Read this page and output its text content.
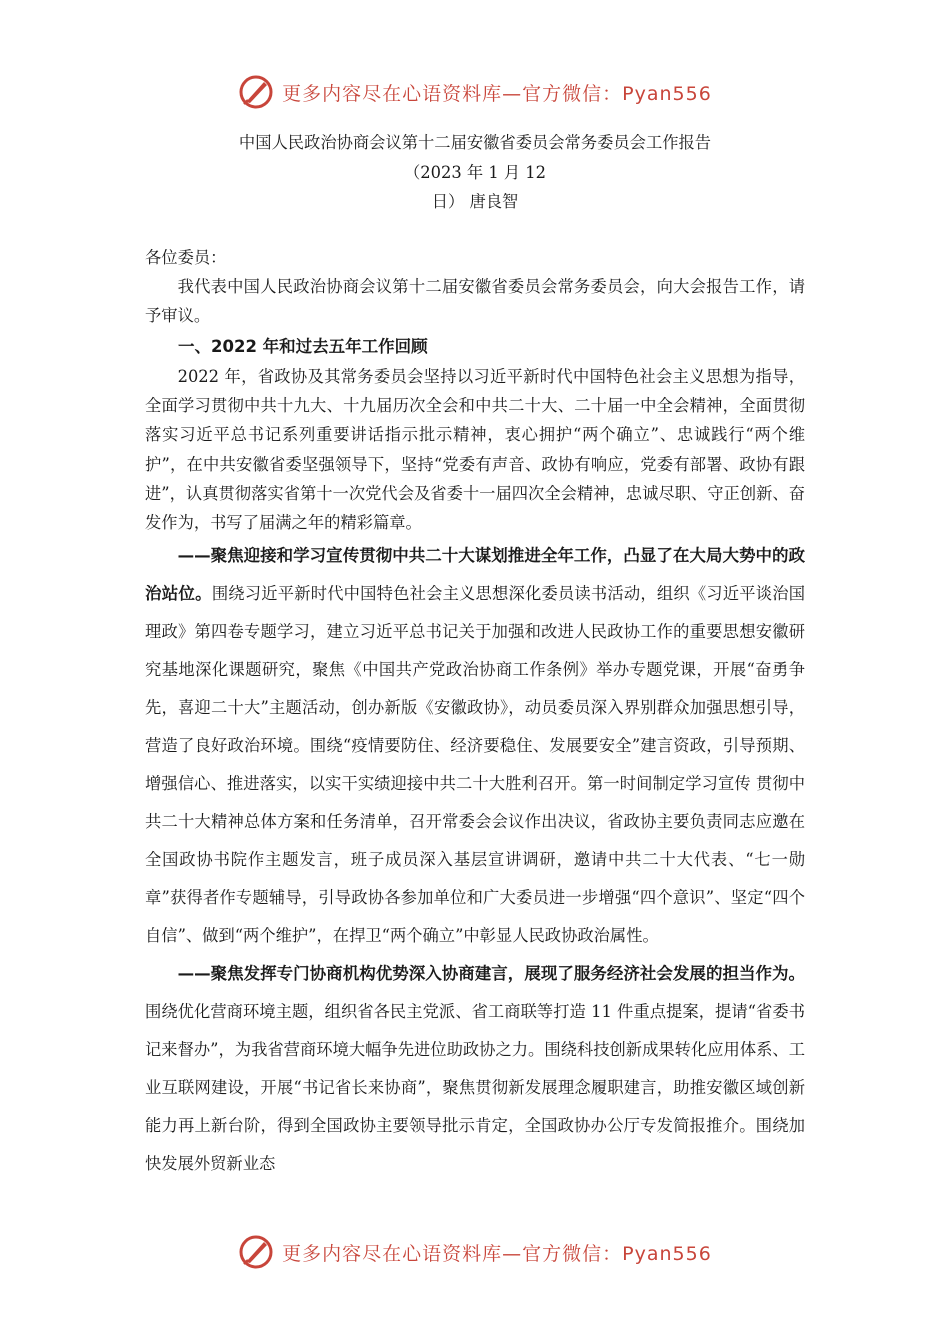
更多内容尽在心语资料库—官方微信：Pyan556

中国人民政治协商会议第十二届安徽省委员会常务委员会工作报告

（2023 年 1 月 12

日） 唐良智

各位委员：

我代表中国人民政治协商会议第十二届安徽省委员会常务委员会，向大会报告工作，请予审议。

一、2022 年和过去五年工作回顾

2022 年，省政协及其常务委员会坚持以习近平新时代中国特色社会主义思想为指导，全面学习贯彻中共十九大、十九届历次全会和中共二十大、二十届一中全会精神，全面贯彻落实习近平总书记系列重要讲话指示批示精神，衷心拥护“两个确立”、忠诚践行“两个维护”，在中共安徽省委坚强领导下，坚持“党委有声音、政协有响应，党委有部署、政协有跟进”，认真贯彻落实省第十一次党代会及省委十一届四次全会精神，忠诚尽职、守正创新、奋发作为，书写了届满之年的精彩篇章。

——聚焦迎接和学习宣传贯彻中共二十大谋划推进全年工作，凸显了在大局大势中的政治站位。围绕习近平新时代中国特色社会主义思想深化委员读书活动，组织《习近平谈治国理政》第四卷专题学习，建立习近平总书记关于加强和改进人民政协工作的重要思想安徽研究基地深化课题研究，聚焦《中国共产党政治协商工作条例》举办专题党课，开展“奋勇争先，喜迎二十大”主题活动，创办新版《安徽政协》，动员委员深入界别群众加强思想引导，营造了良好政治环境。围绕“疫情要防住、经济要稳住、发展要安全”建言资政，引导预期、增强信心、推进落实，以实干实绩迎接中共二十大胜利召开。第一时间制定学习宣传 贯彻中共二十大精神总体方案和任务清单，召开常委会会议作出决议，省政协主要负责同志应邀在全国政协书院作主题发言，班子成员深入基层宣讲调研，邀请中共二十大代表、“七一勋章”获得者作专题辅导，引导政协各参加单位和广大委员进一步增强“四个意识”、坚定“四个自信”、做到“两个维护”，在捍卫“两个确立”中彰显人民政协政治属性。

——聚焦发挥专门协商机构优势深入协商建言，展现了服务经济社会发展的担当作为。围绕优化营商环境主题，组织省各民主党派、省工商联等打造 11 件重点提案，提请“省委书记来督办”，为我省营商环境大幅争先进位助政协之力。围绕科技创新成果转化应用体系、工业互联网建设，开展“书记省长来协商”，聚焦贯彻新发展理念履职建言，助推安徽区域创新能力再上新台阶，得到全国政协主要领导批示肯定，全国政协办公厅专发简报推介。围绕加快发展外贸新业态

更多内容尽在心语资料库—官方微信：Pyan556
